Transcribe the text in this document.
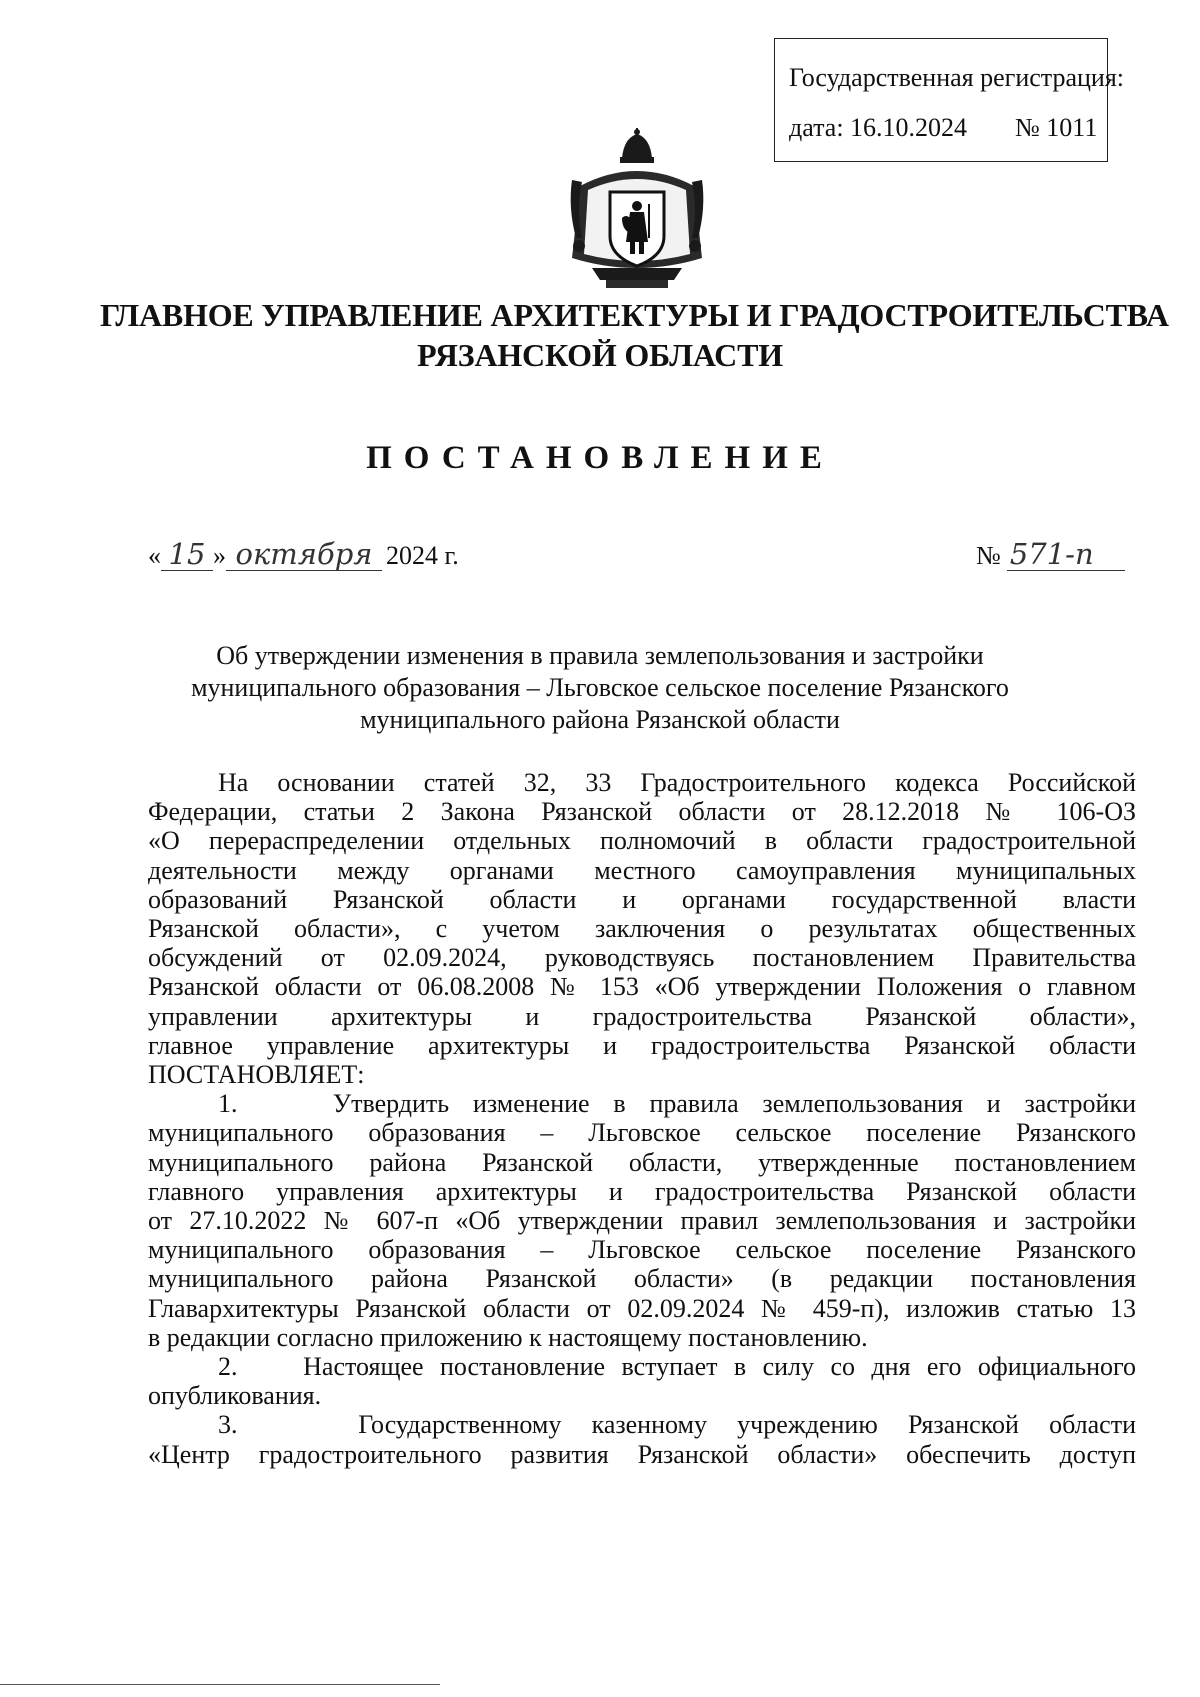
Государственная регистрация:
дата: 16.10.2024 № 1011
ГЛАВНОЕ УПРАВЛЕНИЕ АРХИТЕКТУРЫ И ГРАДОСТРОИТЕЛЬСТВА
РЯЗАНСКОЙ ОБЛАСТИ
ПОСТАНОВЛЕНИЕ
« 15 » октября 2024 г.	№ 571-п
Об утверждении изменения в правила землепользования и застройки
муниципального образования – Льговское сельское поселение Рязанского
муниципального района Рязанской области
На основании статей 32, 33 Градостроительного кодекса Российской
Федерации, статьи 2 Закона Рязанской области от 28.12.2018 № 106-ОЗ
«О перераспределении отдельных полномочий в области градостроительной
деятельности между органами местного самоуправления муниципальных
образований Рязанской области и органами государственной власти
Рязанской области», с учетом заключения о результатах общественных
обсуждений от 02.09.2024, руководствуясь постановлением Правительства
Рязанской области от 06.08.2008 № 153 «Об утверждении Положения о главном
управлении архитектуры и градостроительства Рязанской области»,
главное управление архитектуры и градостроительства Рязанской области
ПОСТАНОВЛЯЕТ:
1.    Утвердить изменение в правила землепользования и застройки
муниципального образования – Льговское сельское поселение Рязанского
муниципального района Рязанской области, утвержденные постановлением
главного управления архитектуры и градостроительства Рязанской области
от 27.10.2022 № 607-п «Об утверждении правил землепользования и застройки
муниципального образования – Льговское сельское поселение Рязанского
муниципального района Рязанской области» (в редакции постановления
Главархитектуры Рязанской области от 02.09.2024 № 459-п), изложив статью 13
в редакции согласно приложению к настоящему постановлению.
2.    Настоящее постановление вступает в силу со дня его официального
опубликования.
3.    Государственному казенному учреждению Рязанской области
«Центр градостроительного развития Рязанской области» обеспечить доступ
